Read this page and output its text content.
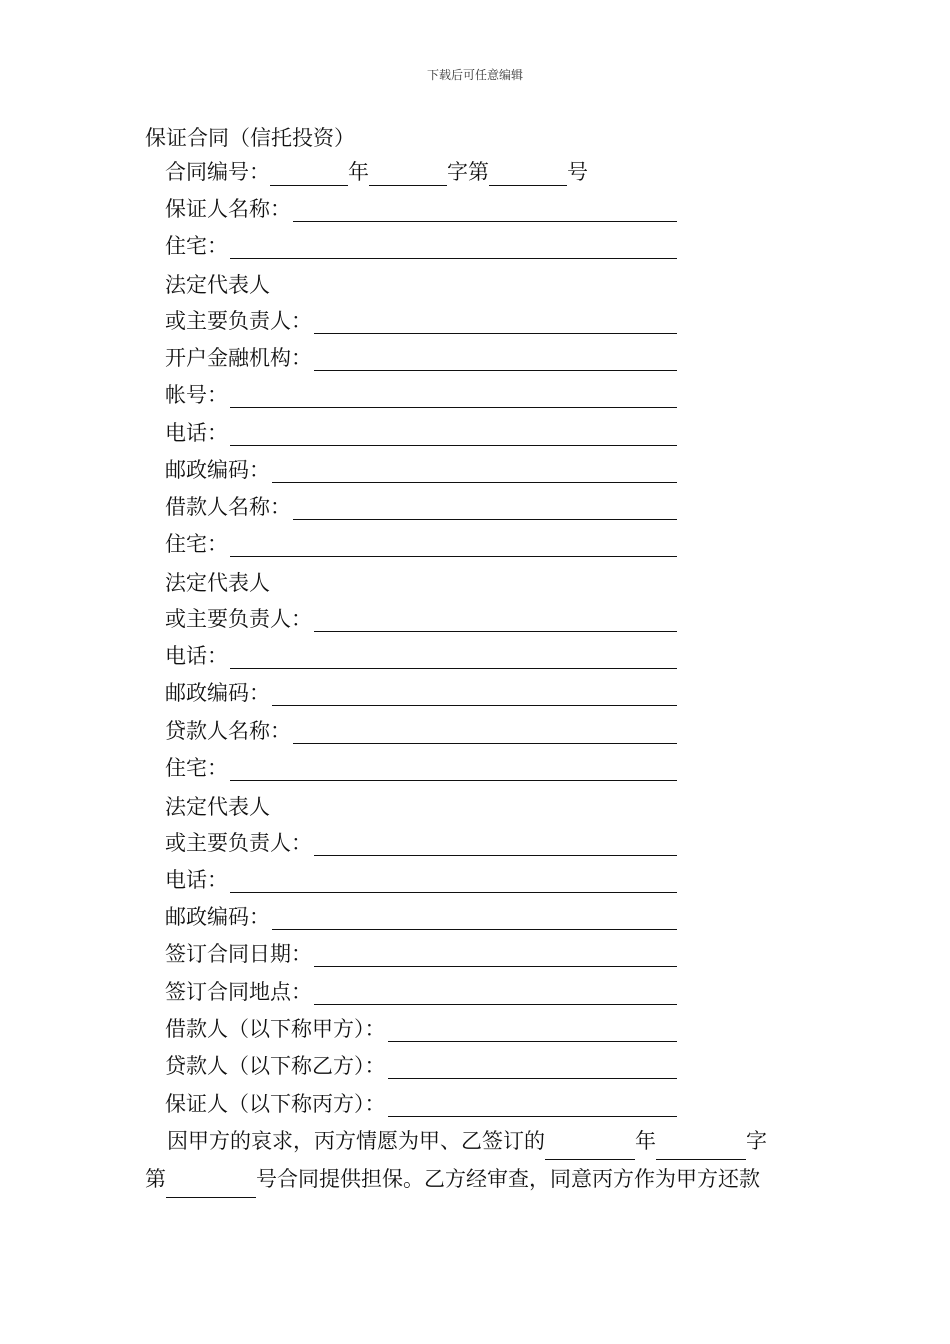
下载后可任意编辑
保证合同（信托投资）
合同编号：	年	字第	号
保证人名称：
住宅：
法定代表人
或主要负责人：
开户金融机构：
帐号：
电话：
邮政编码：
借款人名称：
住宅：
法定代表人
或主要负责人：
电话：
邮政编码：
贷款人名称：
住宅：
法定代表人
或主要负责人：
电话：
邮政编码：
签订合同日期：
签订合同地点：
借款人（以下称甲方）：
贷款人（以下称乙方）：
保证人（以下称丙方）：
因甲方的哀求，丙方情愿为甲、乙签订的	年	字
第	号合同提供担保。乙方经审查，同意丙方作为甲方还款
